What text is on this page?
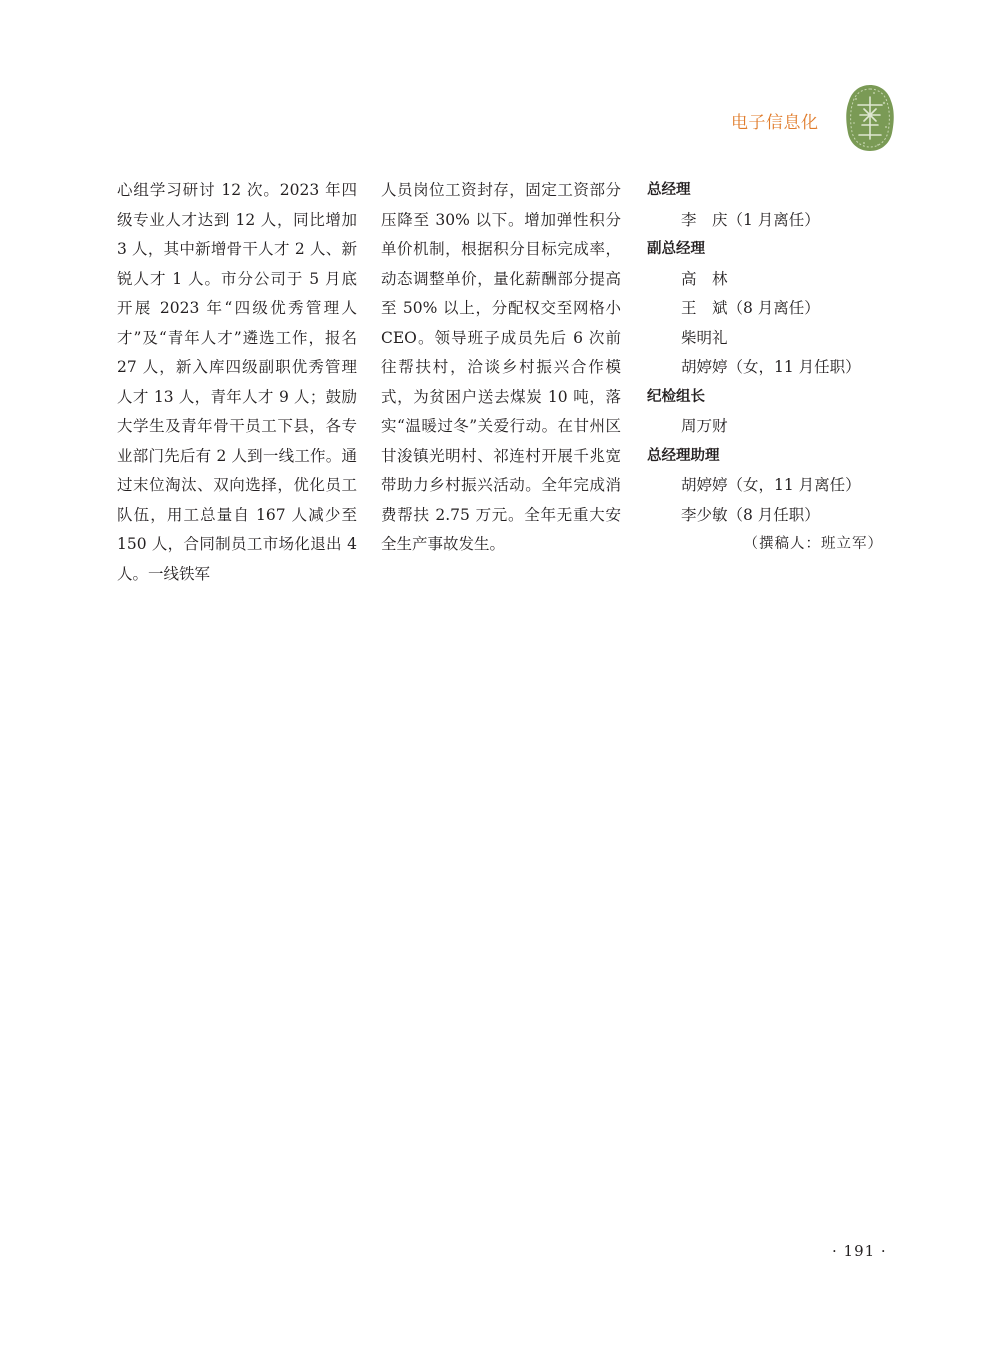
电子信息化
心组学习研讨 12 次。2023 年四级专业人才达到 12 人，同比增加 3 人，其中新增骨干人才 2 人、新锐人才 1 人。市分公司于 5 月底开展 2023 年“四级优秀管理人才”及“青年人才”遴选工作，报名 27 人，新入库四级副职优秀管理人才 13 人，青年人才 9 人；鼓励大学生及青年骨干员工下县，各专业部门先后有 2 人到一线工作。通过末位淘汰、双向选择，优化员工队伍，用工总量自 167 人减少至 150 人，合同制员工市场化退出 4 人。一线铁军
人员岗位工资封存，固定工资部分压降至 30% 以下。增加弹性积分单价机制，根据积分目标完成率，动态调整单价，量化薪酬部分提高至 50% 以上，分配权交至网格小 CEO。领导班子成员先后 6 次前往帮扶村，洽谈乡村振兴合作模式，为贫困户送去煤炭 10 吨，落实“温暖过冬”关爱行动。在甘州区甘浚镇光明村、祁连村开展千兆宽带助力乡村振兴活动。全年完成消费帮扶 2.75 万元。全年无重大安全生产事故发生。
总经理
李　庆（1 月离任）
副总经理
高　林
王　斌（8 月离任）
柴明礼
胡婷婷（女，11 月任职）
纪检组长
周万财
总经理助理
胡婷婷（女，11 月离任）
李少敏（8 月任职）
（撰稿人：班立军）
· 191 ·
